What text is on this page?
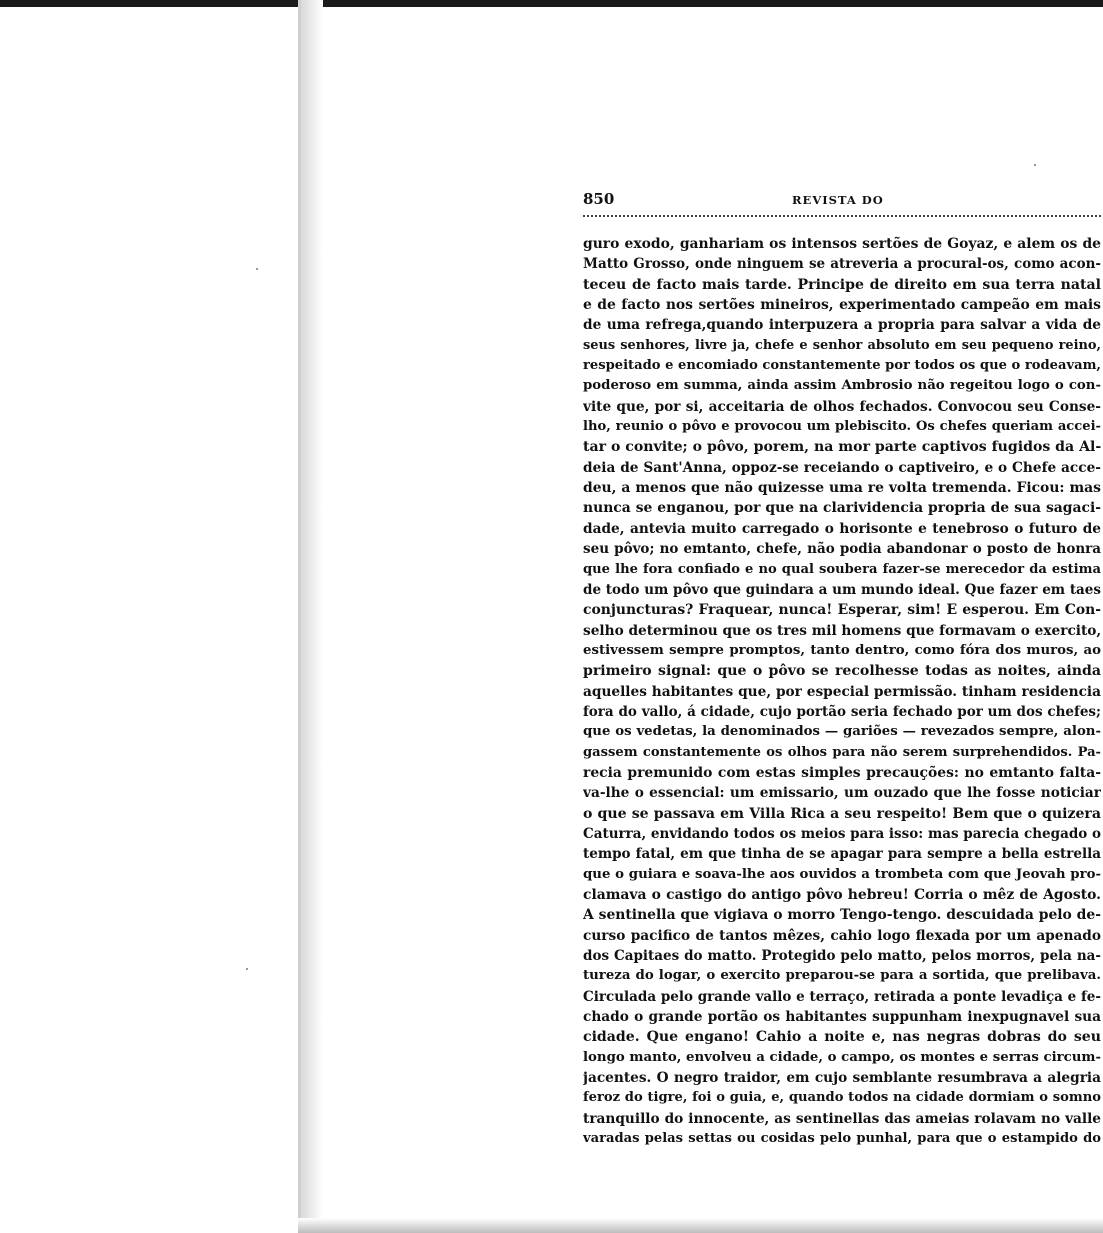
850	REVISTA DO
guro exodo, ganhariam os intensos sertões de Goyaz, e alem os de
Matto Grosso, onde ninguem se atreveria a procural-os, como acon-
teceu de facto mais tarde. Principe de direito em sua terra natal
e de facto nos sertões mineiros, experimentado campeão em mais
de uma refrega,quando interpuzera a propria para salvar a vida de
seus senhores, livre ja, chefe e senhor absoluto em seu pequeno reino,
respeitado e encomiado constantemente por todos os que o rodeavam,
poderoso em summa, ainda assim Ambrosio não regeitou logo o con-
vite que, por si, acceitaria de olhos fechados. Convocou seu Conse-
lho, reunio o pôvo e provocou um plebiscito. Os chefes queriam accei-
tar o convite; o pôvo, porem, na mor parte captivos fugidos da Al-
deia de Sant'Anna, oppoz-se receiando o captiveiro, e o Chefe acce-
deu, a menos que não quizesse uma re volta tremenda. Ficou: mas
nunca se enganou, por que na clarividencia propria de sua sagaci-
dade, antevia muito carregado o horisonte e tenebroso o futuro de
seu pôvo; no emtanto, chefe, não podia abandonar o posto de honra
que lhe fora confiado e no qual soubera fazer-se merecedor da estima
de todo um pôvo que guindara a um mundo ideal. Que fazer em taes
conjuncturas? Fraquear, nunca! Esperar, sim! E esperou. Em Con-
selho determinou que os tres mil homens que formavam o exercito,
estivessem sempre promptos, tanto dentro, como fóra dos muros, ao
primeiro signal: que o pôvo se recolhesse todas as noites, ainda
aquelles habitantes que, por especial permissão. tinham residencia
fora do vallo, á cidade, cujo portão seria fechado por um dos chefes;
que os vedetas, la denominados — gariões — revezados sempre, alon-
gassem constantemente os olhos para não serem surprehendidos. Pa-
recia premunido com estas simples precauções: no emtanto falta-
va-lhe o essencial: um emissario, um ouzado que lhe fosse noticiar
o que se passava em Villa Rica a seu respeito! Bem que o quizera
Caturra, envidando todos os meios para isso: mas parecia chegado o
tempo fatal, em que tinha de se apagar para sempre a bella estrella
que o guiara e soava-lhe aos ouvidos a trombeta com que Jeovah pro-
clamava o castigo do antigo pôvo hebreu! Corria o mêz de Agosto.
A sentinella que vigiava o morro Tengo-tengo. descuidada pelo de-
curso pacifico de tantos mêzes, cahio logo flexada por um apenado
dos Capitaes do matto. Protegido pelo matto, pelos morros, pela na-
tureza do logar, o exercito preparou-se para a sortida, que prelibava.
Circulada pelo grande vallo e terraço, retirada a ponte levadiça e fe-
chado o grande portão os habitantes suppunham inexpugnavel sua
cidade. Que engano! Cahio a noite e, nas negras dobras do seu
longo manto, envolveu a cidade, o campo, os montes e serras circum-
jacentes. O negro traidor, em cujo semblante resumbrava a alegria
feroz do tigre, foi o guia, e, quando todos na cidade dormiam o somno
tranquillo do innocente, as sentinellas das ameias rolavam no valle
varadas pelas settas ou cosidas pelo punhal, para que o estampido do
